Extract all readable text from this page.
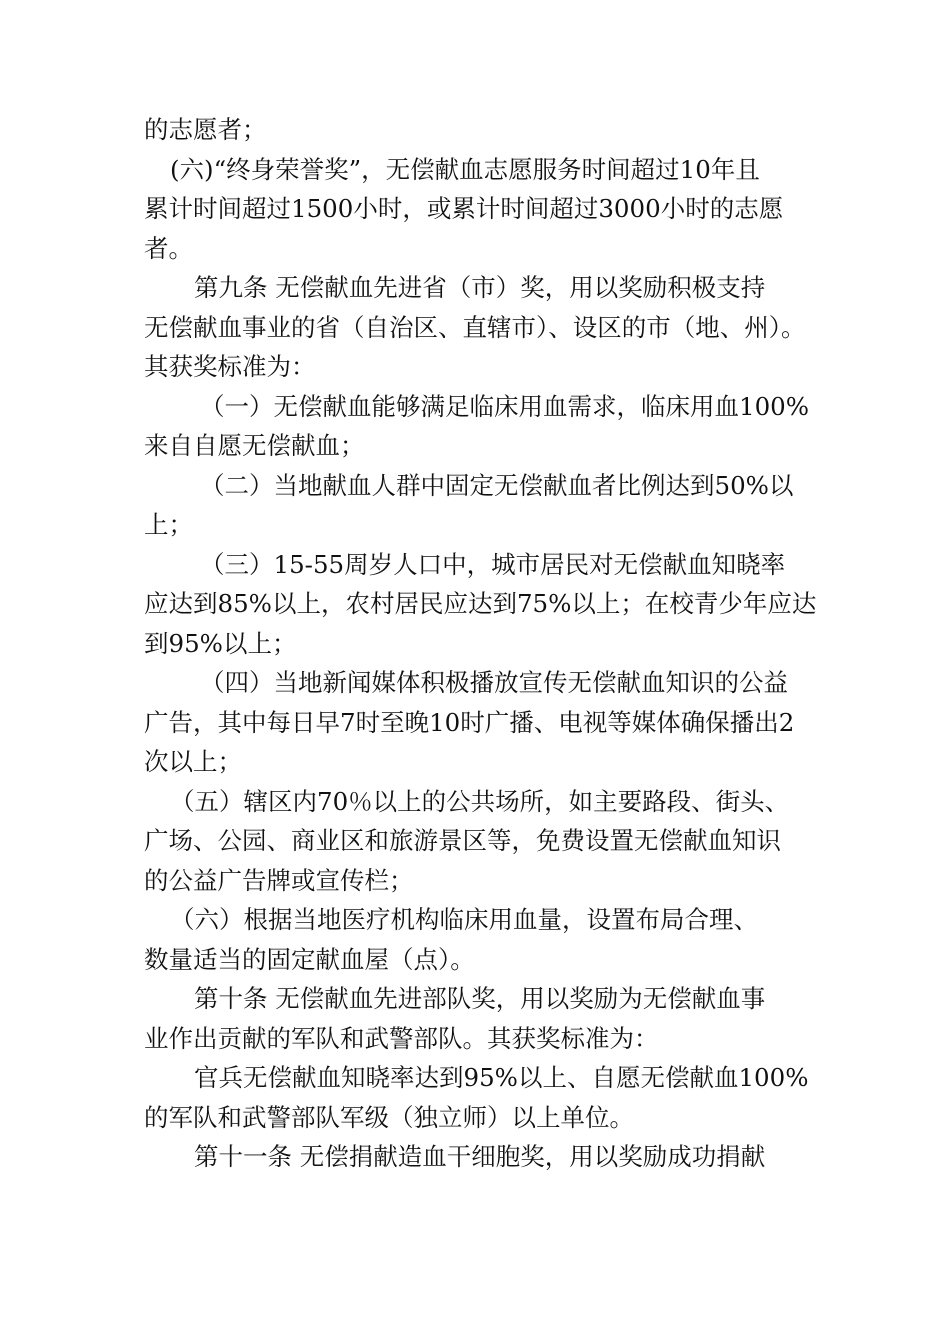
的志愿者；

(六)“终身荣誉奖”，无偿献血志愿服务时间超过10年且
累计时间超过1500小时，或累计时间超过3000小时的志愿
者。

第九条 无偿献血先进省（市）奖，用以奖励积极支持
无偿献血事业的省（自治区、直辖市）、设区的市（地、州）。
其获奖标准为：

（一）无偿献血能够满足临床用血需求，临床用血100%
来自自愿无偿献血；

（二）当地献血人群中固定无偿献血者比例达到50%以
上；

（三）15-55周岁人口中，城市居民对无偿献血知晓率
应达到85%以上，农村居民应达到75%以上；在校青少年应达
到95%以上；

（四）当地新闻媒体积极播放宣传无偿献血知识的公益
广告，其中每日早7时至晚10时广播、电视等媒体确保播出2
次以上；

（五）辖区内70％以上的公共场所，如主要路段、街头、
广场、公园、商业区和旅游景区等，免费设置无偿献血知识
的公益广告牌或宣传栏；

（六）根据当地医疗机构临床用血量，设置布局合理、
数量适当的固定献血屋（点）。

第十条 无偿献血先进部队奖，用以奖励为无偿献血事
业作出贡献的军队和武警部队。其获奖标准为：

官兵无偿献血知晓率达到95%以上、自愿无偿献血100%
的军队和武警部队军级（独立师）以上单位。

第十一条 无偿捐献造血干细胞奖，用以奖励成功捐献
